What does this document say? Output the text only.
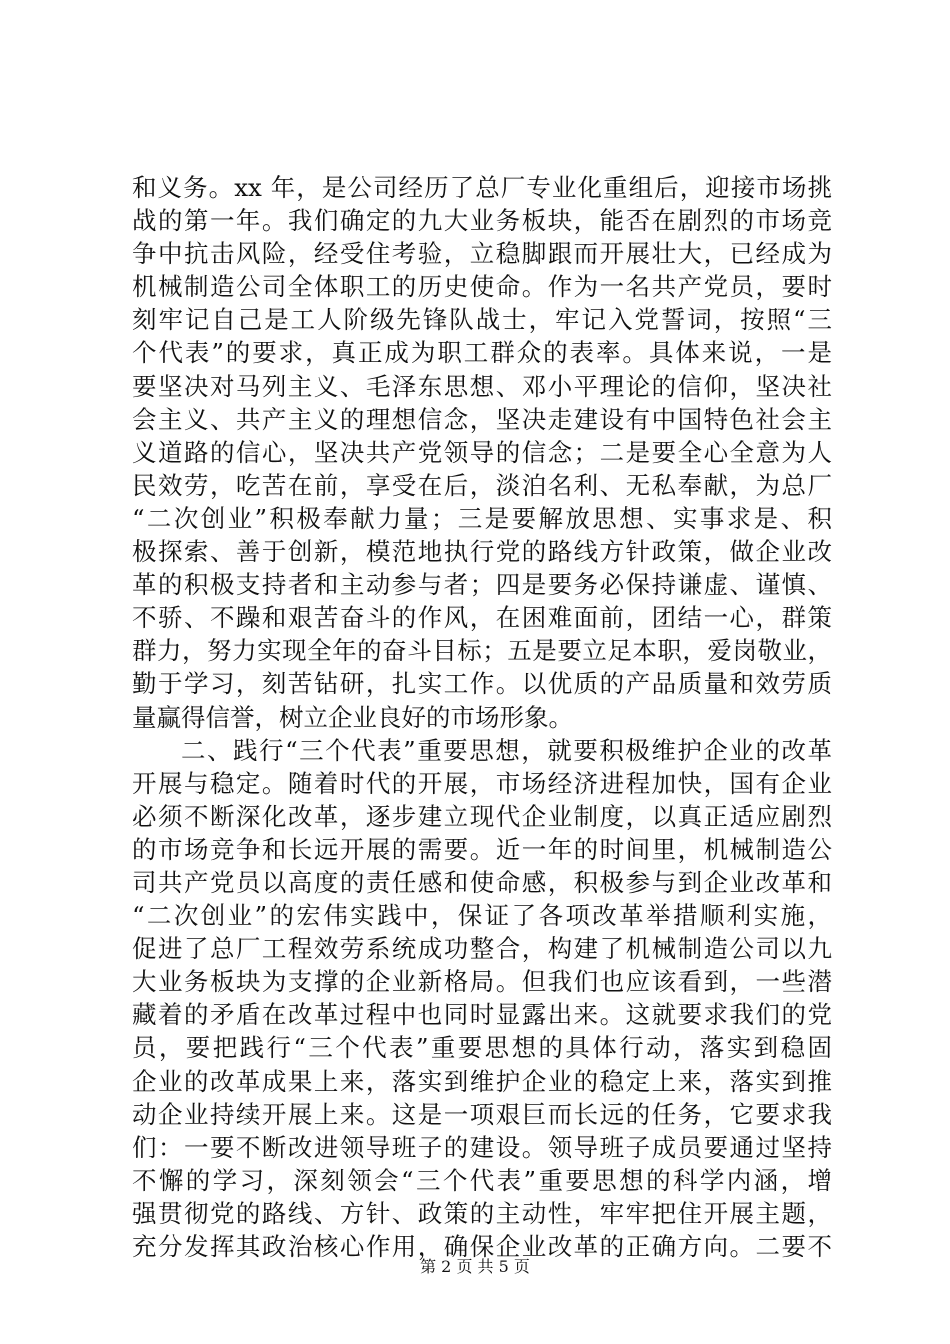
和义务。xx 年，是公司经历了总厂专业化重组后，迎接市场挑
战的第一年。我们确定的九大业务板块，能否在剧烈的市场竞
争中抗击风险，经受住考验，立稳脚跟而开展壮大，已经成为
机械制造公司全体职工的历史使命。作为一名共产党员，要时
刻牢记自己是工人阶级先锋队战士，牢记入党誓词，按照“三
个代表”的要求，真正成为职工群众的表率。具体来说，一是
要坚决对马列主义、毛泽东思想、邓小平理论的信仰，坚决社
会主义、共产主义的理想信念，坚决走建设有中国特色社会主
义道路的信心，坚决共产党领导的信念；二是要全心全意为人
民效劳，吃苦在前，享受在后，淡泊名利、无私奉献，为总厂
“二次创业”积极奉献力量；三是要解放思想、实事求是、积
极探索、善于创新，模范地执行党的路线方针政策，做企业改
革的积极支持者和主动参与者；四是要务必保持谦虚、谨慎、
不骄、不躁和艰苦奋斗的作风，在困难面前，团结一心，群策
群力，努力实现全年的奋斗目标；五是要立足本职，爱岗敬业，
勤于学习，刻苦钻研，扎实工作。以优质的产品质量和效劳质
量赢得信誉，树立企业良好的市场形象。
二、践行“三个代表”重要思想，就要积极维护企业的改革
开展与稳定。随着时代的开展，市场经济进程加快，国有企业
必须不断深化改革，逐步建立现代企业制度，以真正适应剧烈
的市场竞争和长远开展的需要。近一年的时间里，机械制造公
司共产党员以高度的责任感和使命感，积极参与到企业改革和
“二次创业”的宏伟实践中，保证了各项改革举措顺利实施，
促进了总厂工程效劳系统成功整合，构建了机械制造公司以九
大业务板块为支撑的企业新格局。但我们也应该看到，一些潜
藏着的矛盾在改革过程中也同时显露出来。这就要求我们的党
员，要把践行“三个代表”重要思想的具体行动，落实到稳固
企业的改革成果上来，落实到维护企业的稳定上来，落实到推
动企业持续开展上来。这是一项艰巨而长远的任务，它要求我
们：一要不断改进领导班子的建设。领导班子成员要通过坚持
不懈的学习，深刻领会“三个代表”重要思想的科学内涵，增
强贯彻党的路线、方针、政策的主动性，牢牢把住开展主题，
充分发挥其政治核心作用，确保企业改革的正确方向。二要不
第 2 页 共 5 页
